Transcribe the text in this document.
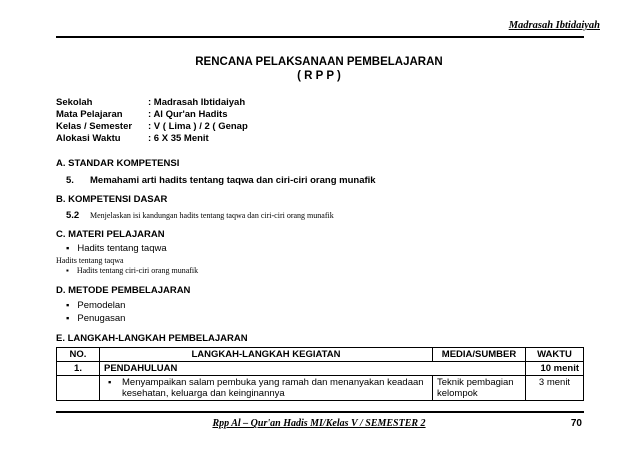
Madrasah Ibtidaiyah
RENCANA PELAKSANAAN PEMBELAJARAN
( R P P )
Sekolah	: Madrasah Ibtidaiyah
Mata Pelajaran	: Al Qur'an Hadits
Kelas / Semester : V ( Lima ) / 2 ( Genap
Alokasi Waktu	: 6 X 35 Menit
A. STANDAR KOMPETENSI
5. Memahami arti hadits tentang taqwa dan ciri-ciri orang munafik
B. KOMPETENSI DASAR
5.2 Menjelaskan isi kandungan hadits tentang taqwa dan ciri-ciri orang munafik
C. MATERI PELAJARAN
▪ Hadits tentang taqwa
Hadits tentang taqwa
▪ Hadits tentang ciri-ciri orang munafik
D. METODE PEMBELAJARAN
▪ Pemodelan
▪ Penugasan
E. LANGKAH-LANGKAH PEMBELAJARAN
NO.	LANGKAH-LANGKAH KEGIATAN	MEDIA/SUMBER	WAKTU
1.	PENDAHULUAN		10 menit

	▪ Menyampaikan salam pembuka yang ramah dan menanyakan keadaan kesehatan, keluarga dan keinginannya	Teknik pembagian kelompok	3 menit
Rpp Al – Qur'an Hadis MI/Kelas V / SEMESTER 2	70
